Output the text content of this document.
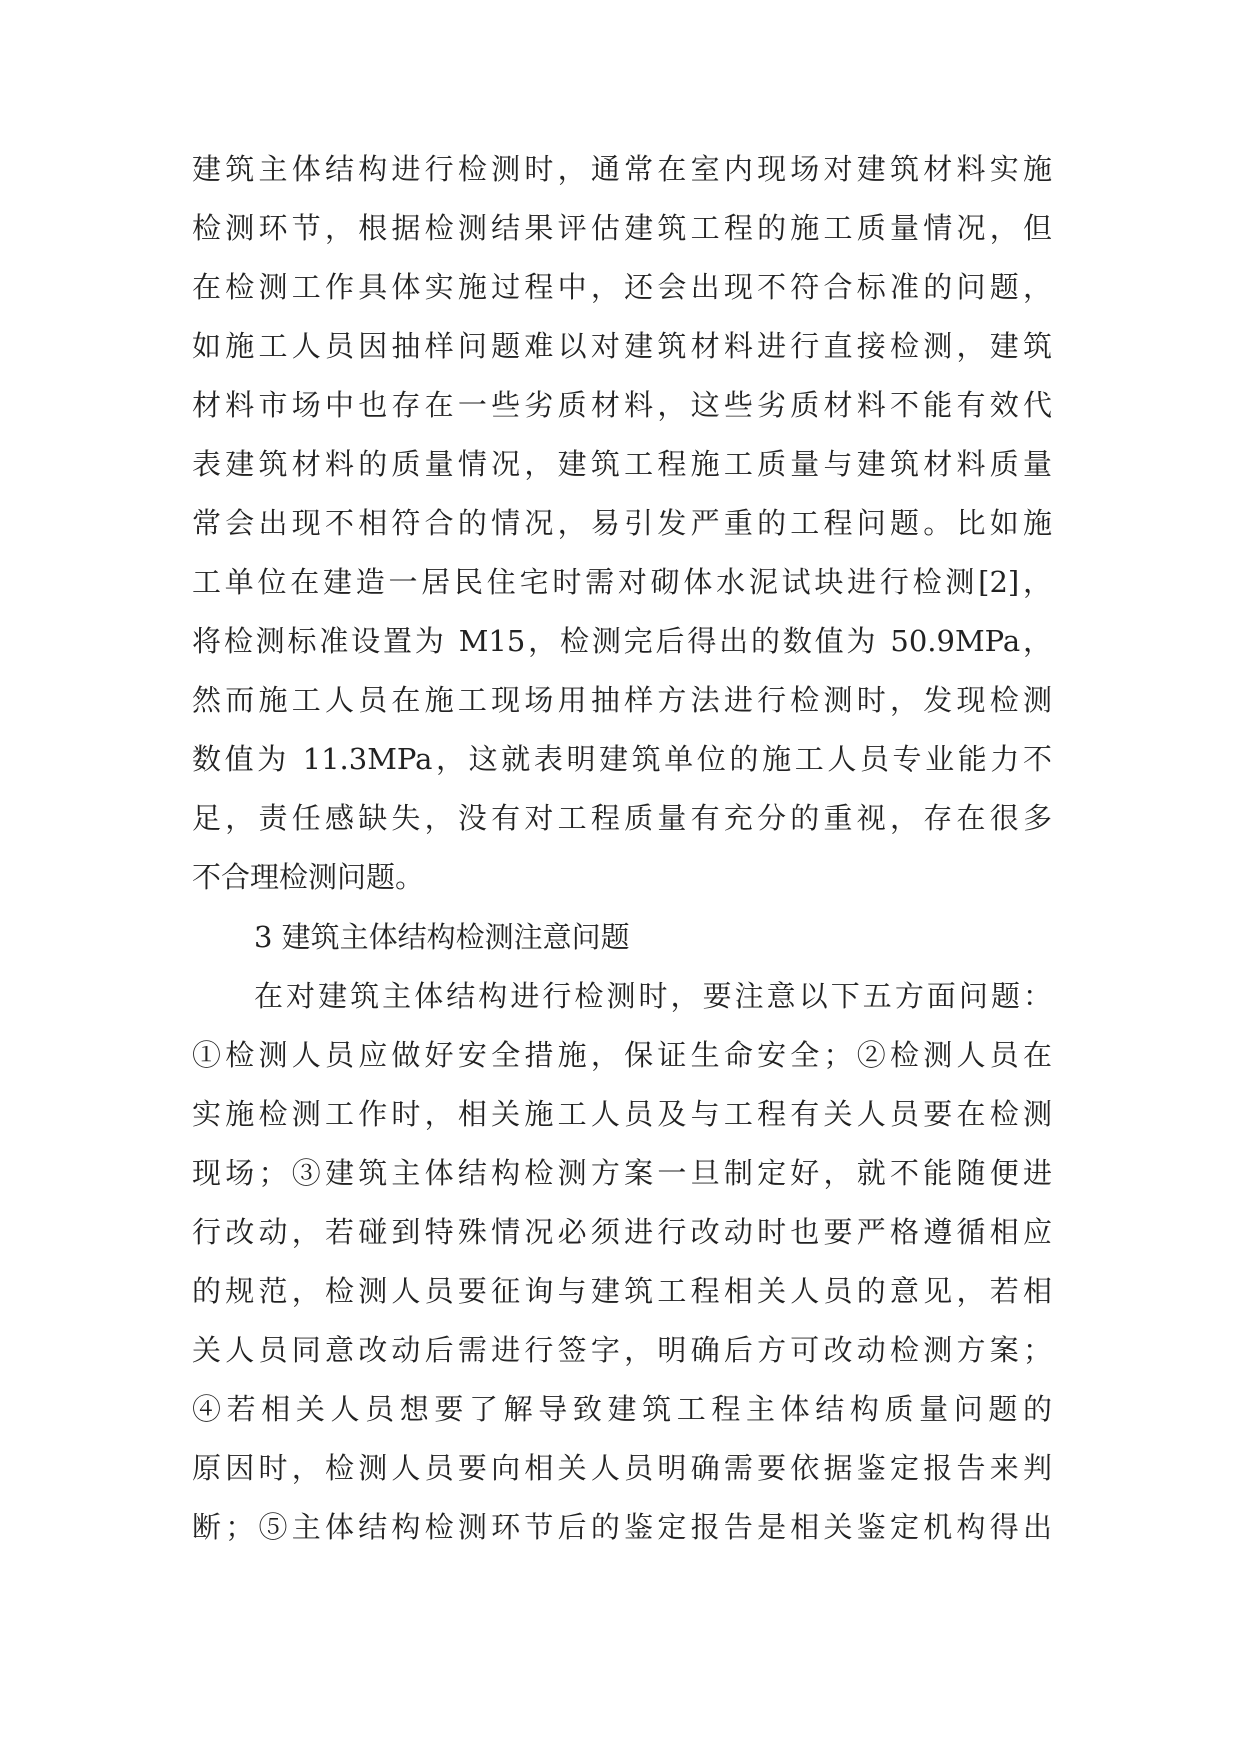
建筑主体结构进行检测时，通常在室内现场对建筑材料实施

检测环节，根据检测结果评估建筑工程的施工质量情况，但

在检测工作具体实施过程中，还会出现不符合标准的问题，

如施工人员因抽样问题难以对建筑材料进行直接检测，建筑

材料市场中也存在一些劣质材料，这些劣质材料不能有效代

表建筑材料的质量情况，建筑工程施工质量与建筑材料质量

常会出现不相符合的情况，易引发严重的工程问题。比如施

工单位在建造一居民住宅时需对砌体水泥试块进行检测[2]，

将检测标准设置为 M15，检测完后得出的数值为 50.9MPa，

然而施工人员在施工现场用抽样方法进行检测时，发现检测

数值为 11.3MPa，这就表明建筑单位的施工人员专业能力不

足，责任感缺失，没有对工程质量有充分的重视，存在很多

不合理检测问题。

3 建筑主体结构检测注意问题

在对建筑主体结构进行检测时，要注意以下五方面问题：

①检测人员应做好安全措施，保证生命安全；②检测人员在

实施检测工作时，相关施工人员及与工程有关人员要在检测

现场；③建筑主体结构检测方案一旦制定好，就不能随便进

行改动，若碰到特殊情况必须进行改动时也要严格遵循相应

的规范，检测人员要征询与建筑工程相关人员的意见，若相

关人员同意改动后需进行签字，明确后方可改动检测方案；

④若相关人员想要了解导致建筑工程主体结构质量问题的

原因时，检测人员要向相关人员明确需要依据鉴定报告来判

断；⑤主体结构检测环节后的鉴定报告是相关鉴定机构得出
